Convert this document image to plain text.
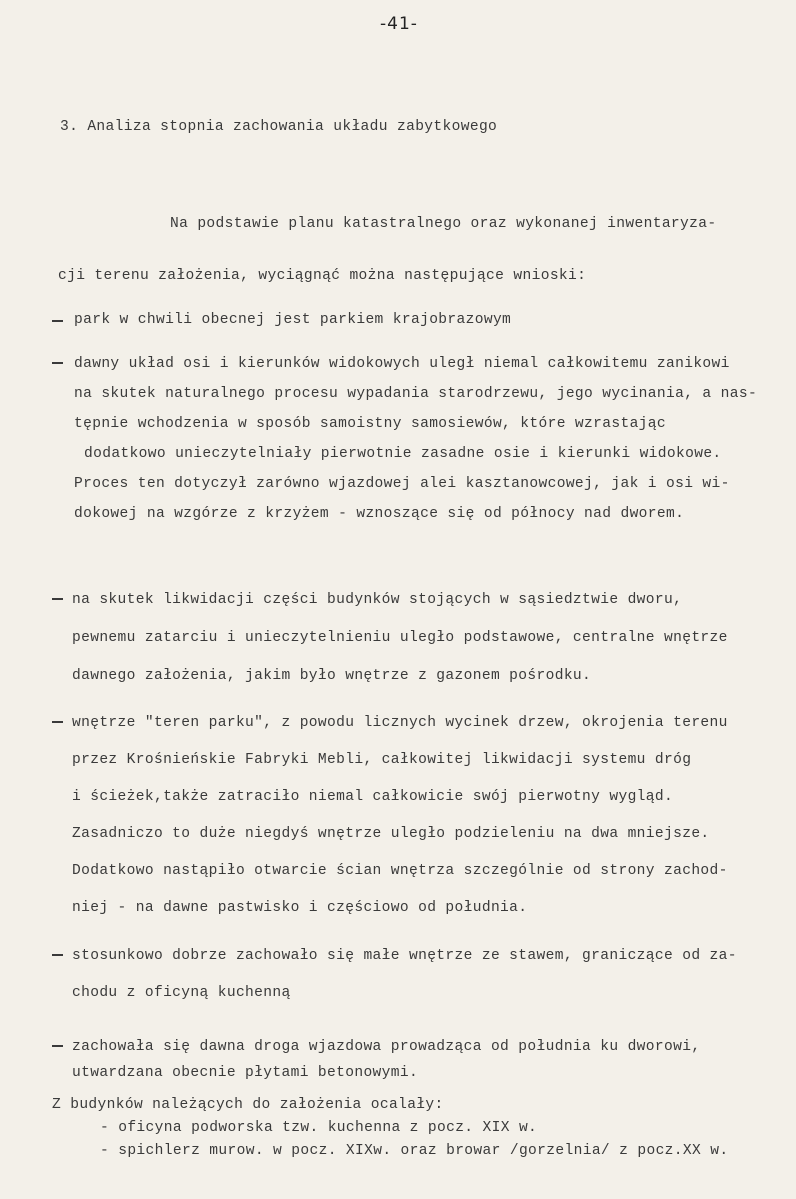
-41-
3. Analiza stopnia zachowania układu zabytkowego
Na podstawie planu katastralnego oraz wykonanej inwentaryza-
cji terenu założenia, wyciągnąć można następujące wnioski:
park w chwili obecnej jest parkiem krajobrazowym
dawny układ osi i kierunków widokowych uległ niemal całkowitemu zanikowi
na skutek naturalnego procesu wypadania starodrzewu, jego wycinania, a nas-
tępnie wchodzenia w sposób samoistny samosiewów, które wzrastając
dodatkowo unieczytelniały pierwotnie zasadne osie i kierunki widokowe.
Proces ten dotyczył zarówno wjazdowej alei kasztanowcowej, jak i osi wi-
dokowej na wzgórze z krzyżem - wznoszące się od północy nad dworem.
na skutek likwidacji części budynków stojących w sąsiedztwie dworu,
pewnemu zatarciu i unieczytelnieniu uległo podstawowe, centralne wnętrze
dawnego założenia, jakim było wnętrze z gazonem pośrodku.
wnętrze "teren parku", z powodu licznych wycinek drzew, okrojenia terenu
przez Krośnieńskie Fabryki Mebli, całkowitej likwidacji systemu dróg
i ścieżek,także zatraciło niemal całkowicie swój pierwotny wygląd.
Zasadniczo to duże niegdyś wnętrze uległo podzieleniu na dwa mniejsze.
Dodatkowo nastąpiło otwarcie ścian wnętrza szczególnie od strony zachod-
niej - na dawne pastwisko i częściowo od południa.
stosunkowo dobrze zachowało się małe wnętrze ze stawem, graniczące od za-
chodu z oficyną kuchenną
zachowała się dawna droga wjazdowa prowadząca od południa ku dworowi,
utwardzana obecnie płytami betonowymi.
Z budynków należących do założenia ocalały:
- oficyna podworska tzw. kuchenna z pocz. XIX w.
- spichlerz murow. w pocz. XIXw. oraz browar /gorzelnia/ z pocz.XX w.
